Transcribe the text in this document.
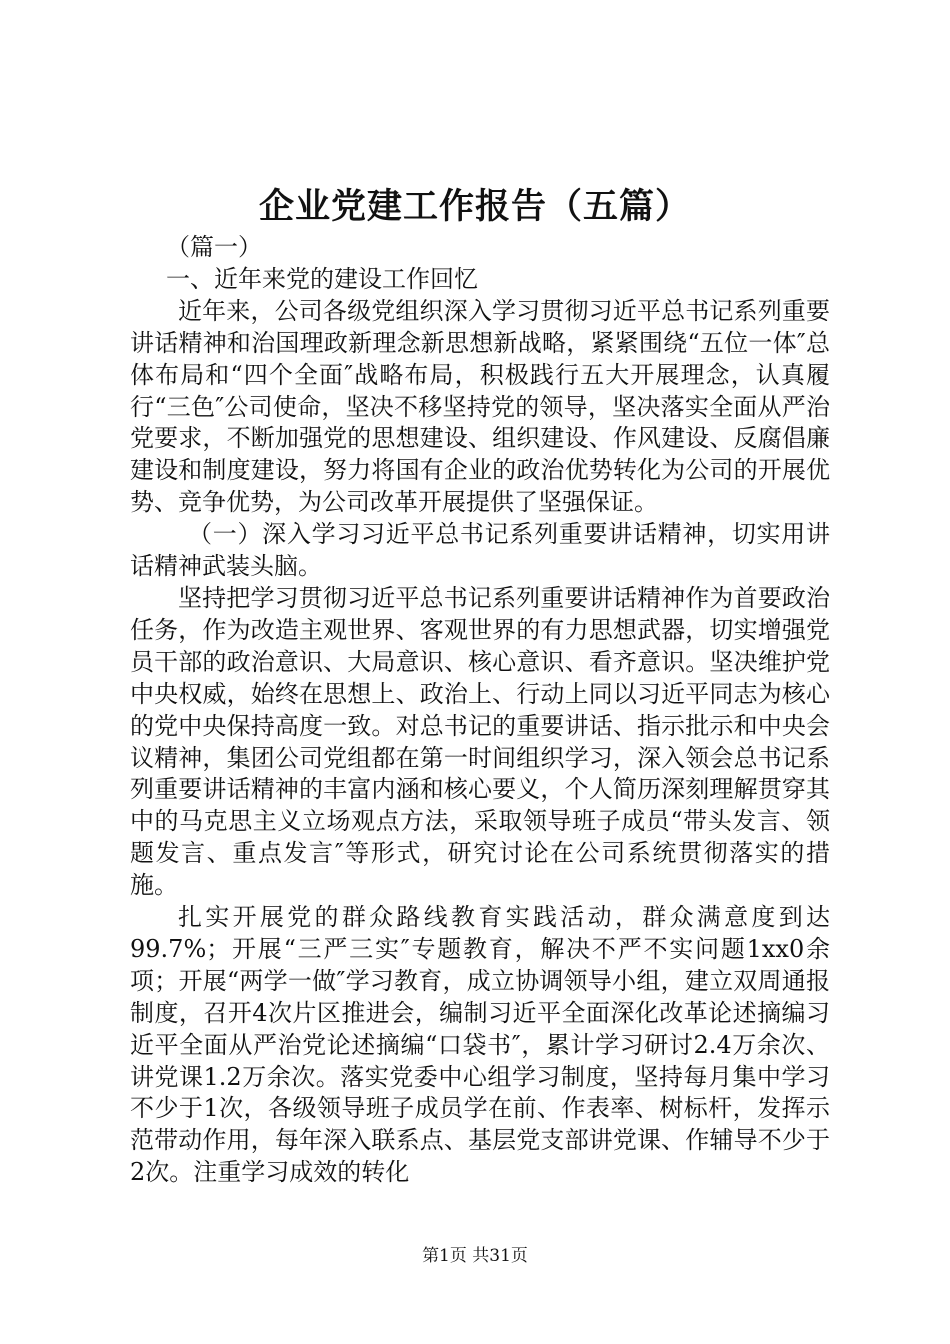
企业党建工作报告（五篇）

（篇一）

一、近年来党的建设工作回忆

近年来，公司各级党组织深入学习贯彻习近平总书记系列重要讲话精神和治国理政新理念新思想新战略，紧紧围绕“五位一体″总体布局和“四个全面″战略布局，积极践行五大开展理念，认真履行“三色″公司使命，坚决不移坚持党的领导，坚决落实全面从严治党要求，不断加强党的思想建设、组织建设、作风建设、反腐倡廉建设和制度建设，努力将国有企业的政治优势转化为公司的开展优势、竞争优势，为公司改革开展提供了坚强保证。

（一）深入学习习近平总书记系列重要讲话精神，切实用讲话精神武装头脑。

坚持把学习贯彻习近平总书记系列重要讲话精神作为首要政治任务，作为改造主观世界、客观世界的有力思想武器，切实增强党员干部的政治意识、大局意识、核心意识、看齐意识。坚决维护党中央权威，始终在思想上、政治上、行动上同以习近平同志为核心的党中央保持高度一致。对总书记的重要讲话、指示批示和中央会议精神，集团公司党组都在第一时间组织学习，深入领会总书记系列重要讲话精神的丰富内涵和核心要义，个人简历深刻理解贯穿其中的马克思主义立场观点方法，采取领导班子成员“带头发言、领题发言、重点发言″等形式，研究讨论在公司系统贯彻落实的措施。

扎实开展党的群众路线教育实践活动，群众满意度到达99.7%；开展“三严三实″专题教育，解决不严不实问题1xx0余项；开展“两学一做″学习教育，成立协调领导小组，建立双周通报制度，召开4次片区推进会，编制习近平全面深化改革论述摘编习近平全面从严治党论述摘编“口袋书″，累计学习研讨2.4万余次、讲党课1.2万余次。落实党委中心组学习制度，坚持每月集中学习不少于1次，各级领导班子成员学在前、作表率、树标杆，发挥示范带动作用，每年深入联系点、基层党支部讲党课、作辅导不少于2次。注重学习成效的转化

第1页 共31页
